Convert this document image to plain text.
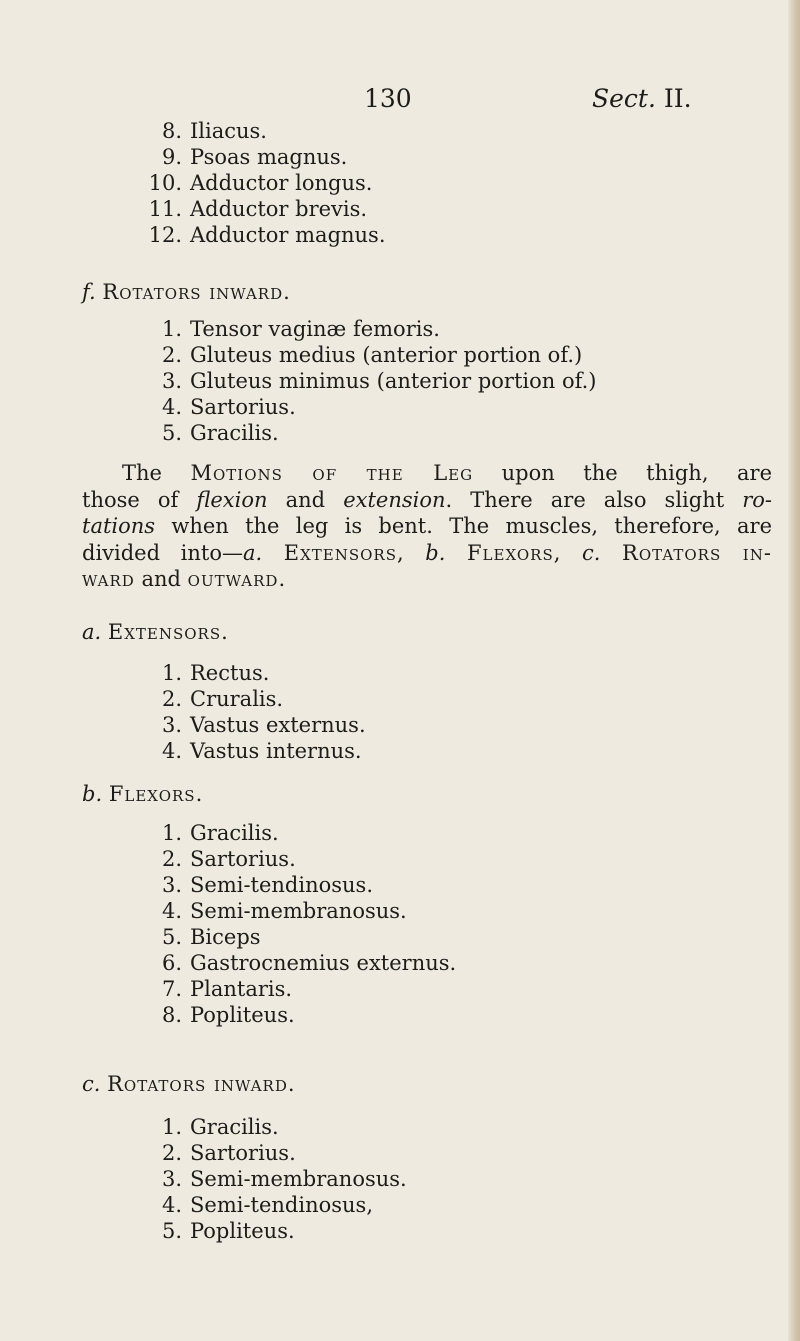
130	Sect. II.
8. Iliacus.
9. Psoas magnus.
10. Adductor longus.
11. Adductor brevis.
12. Adductor magnus.
f. Rotators inward.
1. Tensor vaginæ femoris.
2. Gluteus medius (anterior portion of.)
3. Gluteus minimus (anterior portion of.)
4. Sartorius.
5. Gracilis.

The Motions of the Leg upon the thigh, are
those of flexion and extension. There are also slight ro-
tations when the leg is bent. The muscles, therefore, are
divided into—a. Extensors, b. Flexors, c. Rotators in-
ward and outward.

a. Extensors.
1. Rectus.
2. Cruralis.
3. Vastus externus.
4. Vastus internus.
b. Flexors.
1. Gracilis.
2. Sartorius.
3. Semi-tendinosus.
4. Semi-membranosus.
5. Biceps
6. Gastrocnemius externus.
7. Plantaris.
8. Popliteus.
c. Rotators inward.
1. Gracilis.
2. Sartorius.
3. Semi-membranosus.
4. Semi-tendinosus,
5. Popliteus.
